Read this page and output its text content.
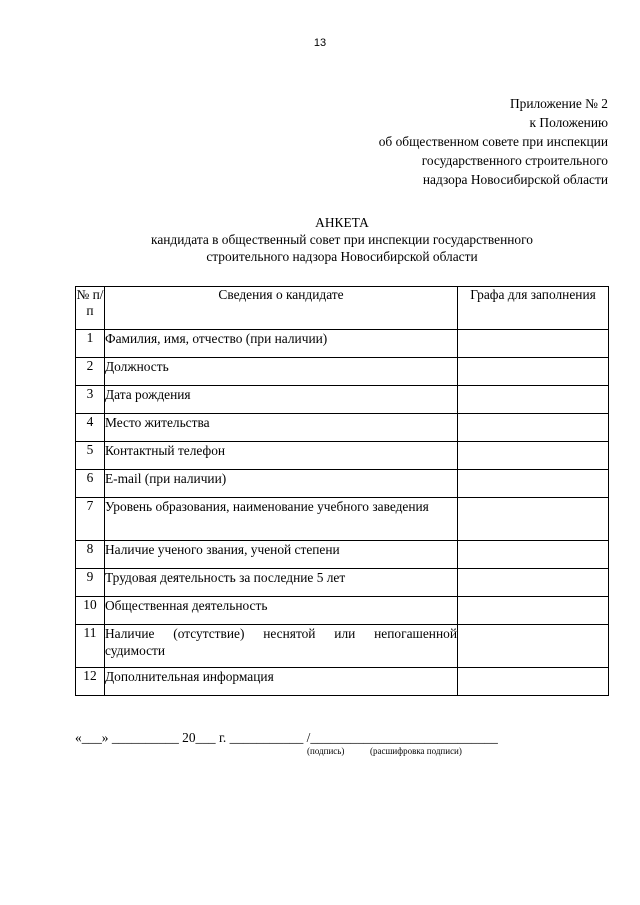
13
Приложение № 2
к Положению
об общественном совете при инспекции
государственного строительного
надзора Новосибирской области
АНКЕТА
кандидата в общественный совет при инспекции государственного
строительного надзора Новосибирской области
№ п/п	Сведения о кандидате	Графа для заполнения
1	Фамилия, имя, отчество (при наличии)	
2	Должность	
3	Дата рождения	
4	Место жительства	
5	Контактный телефон	
6	E-mail (при наличии)	
7	Уровень образования, наименование учебного заведения	
8	Наличие ученого звания, ученой степени	
9	Трудовая деятельность за последние 5 лет	
10	Общественная деятельность	
11	Наличие (отсутствие) неснятой или непогашенной судимости	
12	Дополнительная информация	
«___» __________ 20___ г. ___________ /____________________________
(подпись)	(расшифровка подписи)
